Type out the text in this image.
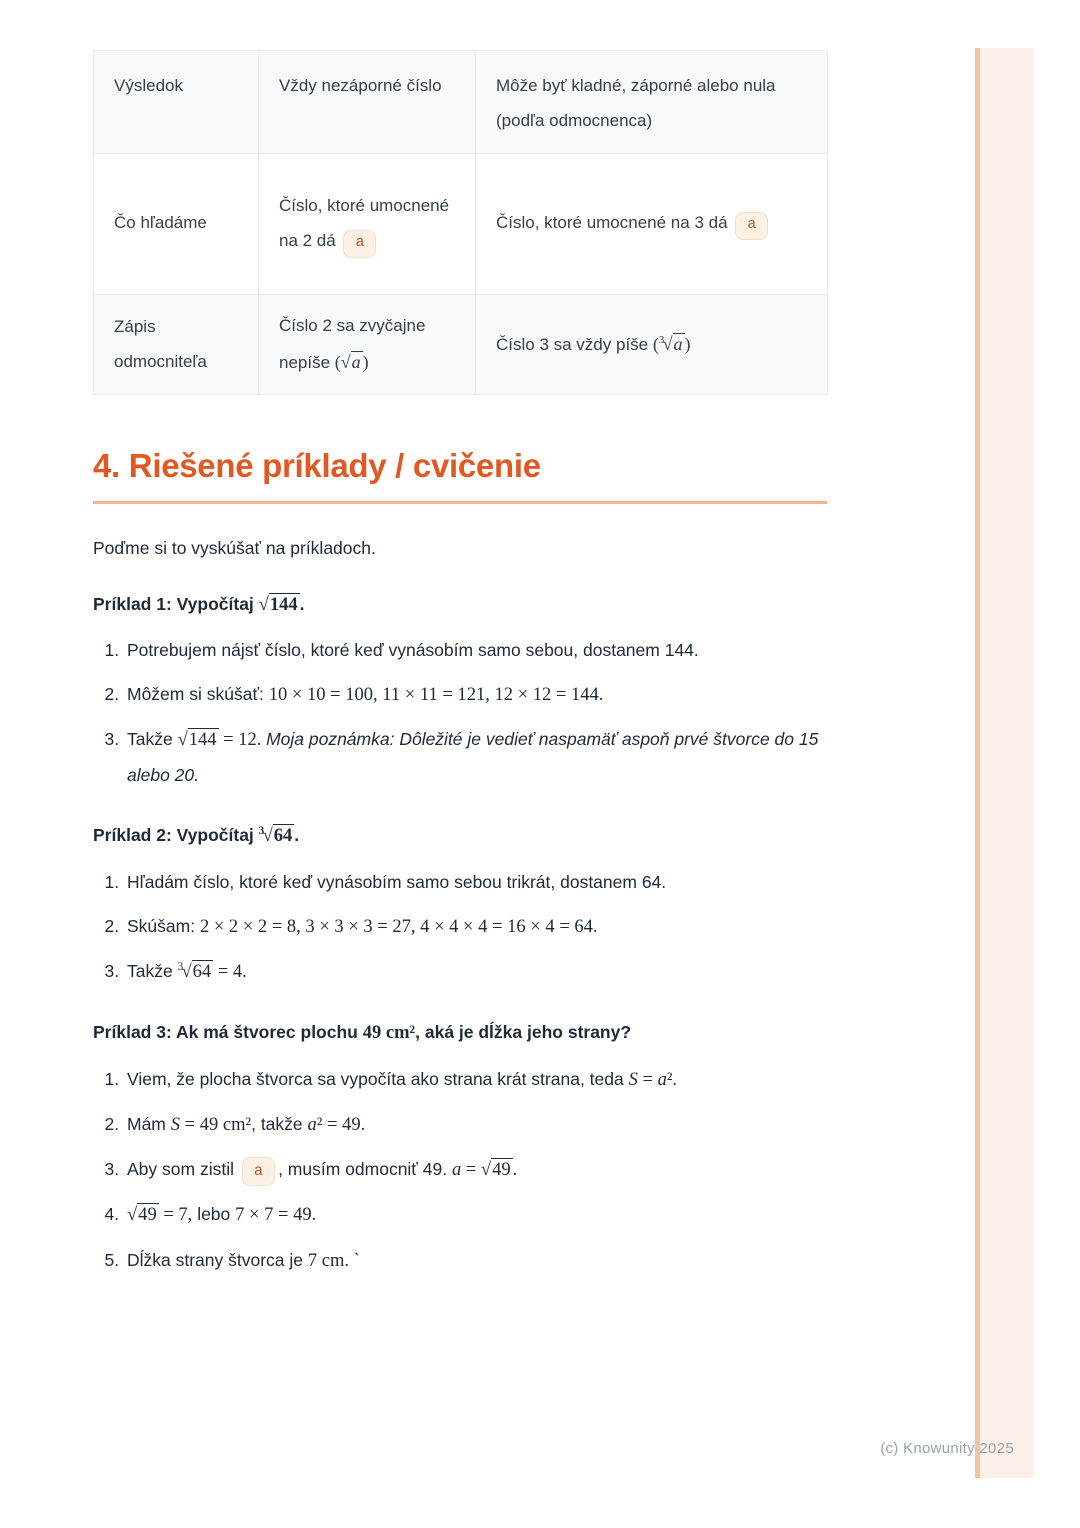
Výsledok	Vždy nezáporné číslo	Môže byť kladné, záporné alebo nula (podľa odmocnenca)
Čo hľadáme	Číslo, ktoré umocnené na 2 dá a	Číslo, ktoré umocnené na 3 dá a
Zápis odmocniteľa	Číslo 2 sa zvyčajne nepíše (√a )	Číslo 3 sa vždy píše ($^3$√a )
4. Riešené príklady / cvičenie

Poďme si to vyskúšať na príkladoch.

Príklad 1: Vypočítaj √144 .

1. Potrebujem nájsť číslo, ktoré keď vynásobím samo sebou, dostanem 144.
2. Môžem si skúšať: 10 × 10 = 100, 11 × 11 = 121, 12 × 12 = 144.
3. Takže √144 = 12. Moja poznámka: Dôležité je vedieť naspamäť aspoň prvé štvorce do 15 alebo 20.

Príklad 2: Vypočítaj $^3$√64 .

1. Hľadám číslo, ktoré keď vynásobím samo sebou trikrát, dostanem 64.
2. Skúšam: 2 × 2 × 2 = 8, 3 × 3 × 3 = 27, 4 × 4 × 4 = 16 × 4 = 64.
3. Takže $^3$√64 = 4.

Príklad 3: Ak má štvorec plochu 49 cm², aká je dĺžka jeho strany?

1. Viem, že plocha štvorca sa vypočíta ako strana krát strana, teda S = a².
2. Mám S = 49 cm², takže a² = 49.
3. Aby som zistil a , musím odmocniť 49. a = √49 .
4. √49 = 7, lebo 7 × 7 = 49.
5. Dĺžka strany štvorca je 7 cm. `
(c) Knowunity 2025
